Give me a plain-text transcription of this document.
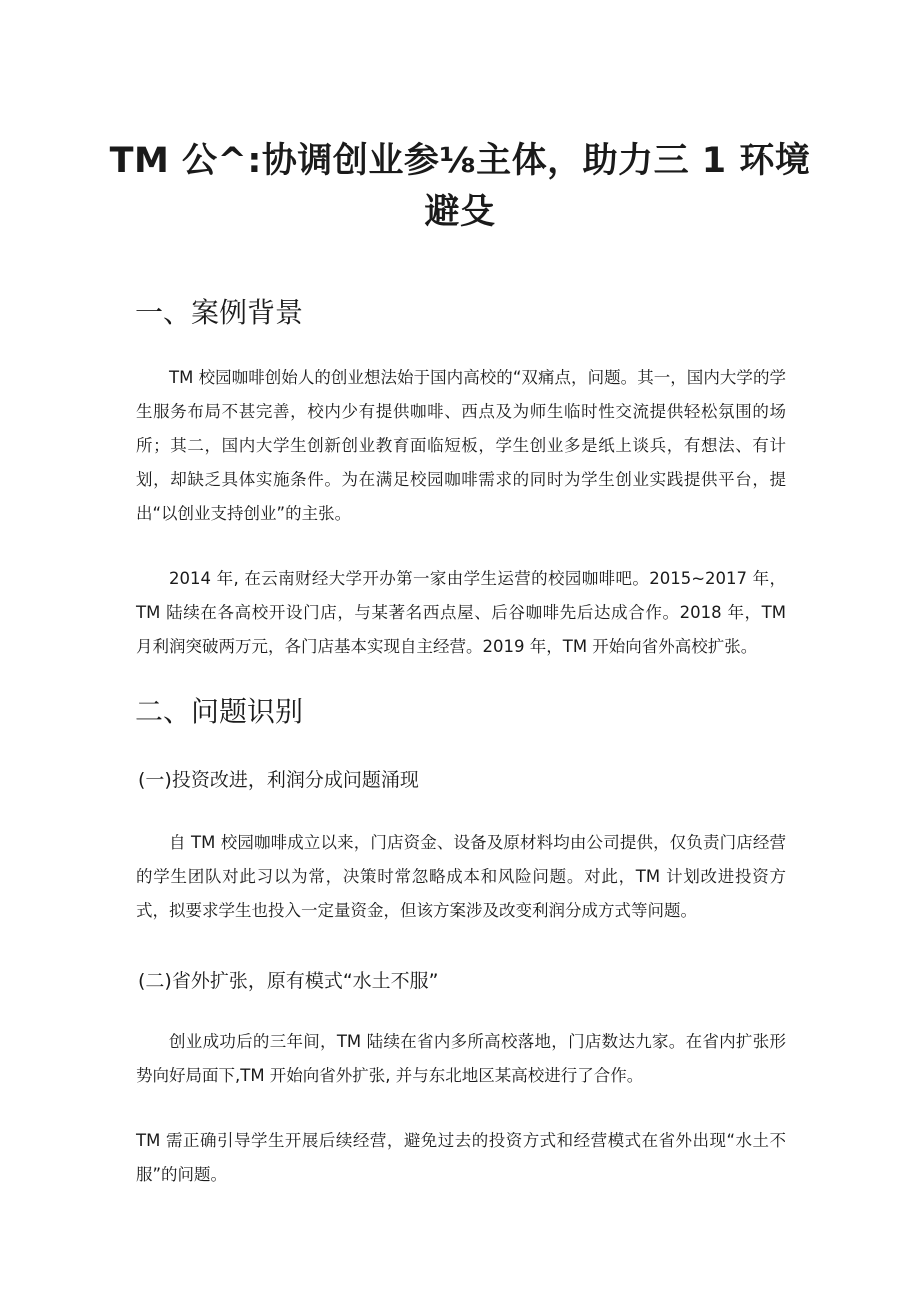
TM 公^:协调创业参⅛主体，助力三 1 环境
避殳
一、案例背景

TM 校园咖啡创始人的创业想法始于国内高校的“双痛点，问题。其一，国内大学的学生服务布局不甚完善，校内少有提供咖啡、西点及为师生临时性交流提供轻松氛围的场所；其二，国内大学生创新创业教育面临短板，学生创业多是纸上谈兵，有想法、有计划，却缺乏具体实施条件。为在满足校园咖啡需求的同时为学生创业实践提供平台，提出“以创业支持创业”的主张。

2014 年, 在云南财经大学开办第一家由学生运营的校园咖啡吧。2015~2017 年，TM 陆续在各高校开设门店，与某著名西点屋、后谷咖啡先后达成合作。2018 年，TM 月利润突破两万元，各门店基本实现自主经营。2019 年，TM 开始向省外高校扩张。

二、问题识别
(一)投资改进，利润分成问题涌现

自 TM 校园咖啡成立以来，门店资金、设备及原材料均由公司提供，仅负责门店经营的学生团队对此习以为常，决策时常忽略成本和风险问题。对此，TM 计划改进投资方式，拟要求学生也投入一定量资金，但该方案涉及改变利润分成方式等问题。

(二)省外扩张，原有模式“水土不服”

创业成功后的三年间，TM 陆续在省内多所高校落地，门店数达九家。在省内扩张形势向好局面下,TM 开始向省外扩张, 并与东北地区某高校进行了合作。

TM 需正确引导学生开展后续经营，避免过去的投资方式和经营模式在省外出现“水土不服”的问题。
